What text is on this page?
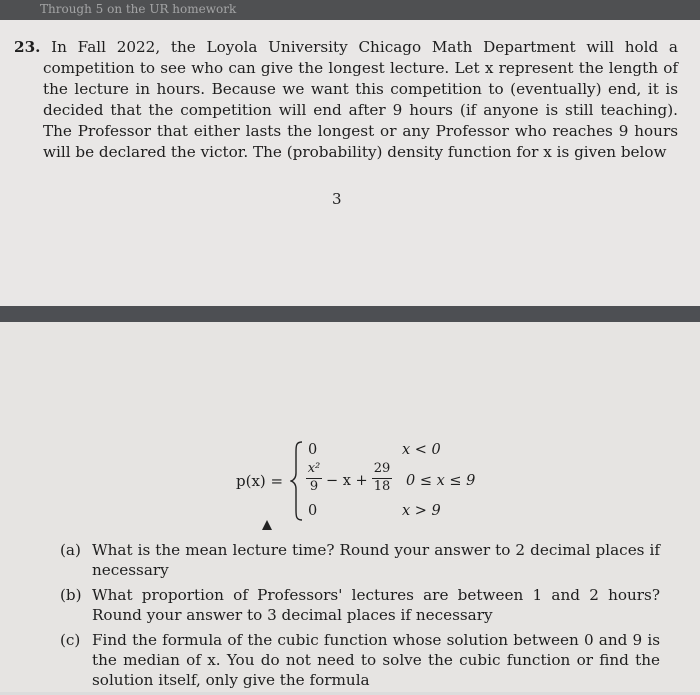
Through 5 on the UR homework

23. In Fall 2022, the Loyola University Chicago Math Department will hold a competition to see who can give the longest lecture. Let x represent the length of the lecture in hours. Because we want this competition to (eventually) end, it is decided that the competition will end after 9 hours (if anyone is still teaching). The Professor that either lasts the longest or any Professor who reaches 9 hours will be declared the victor. The (probability) density function for x is given below

3
p(x) =
0	x < 0
x²
9 − x +
29
18 0 ≤ x ≤ 9
0	x > 9

(a) What is the mean lecture time? Round your answer to 2 decimal places if necessary

(b) What proportion of Professors' lectures are between 1 and 2 hours? Round your answer to 3 decimal places if necessary

(c) Find the formula of the cubic function whose solution between 0 and 9 is the median of x. You do not need to solve the cubic function or find the solution itself, only give the formula
